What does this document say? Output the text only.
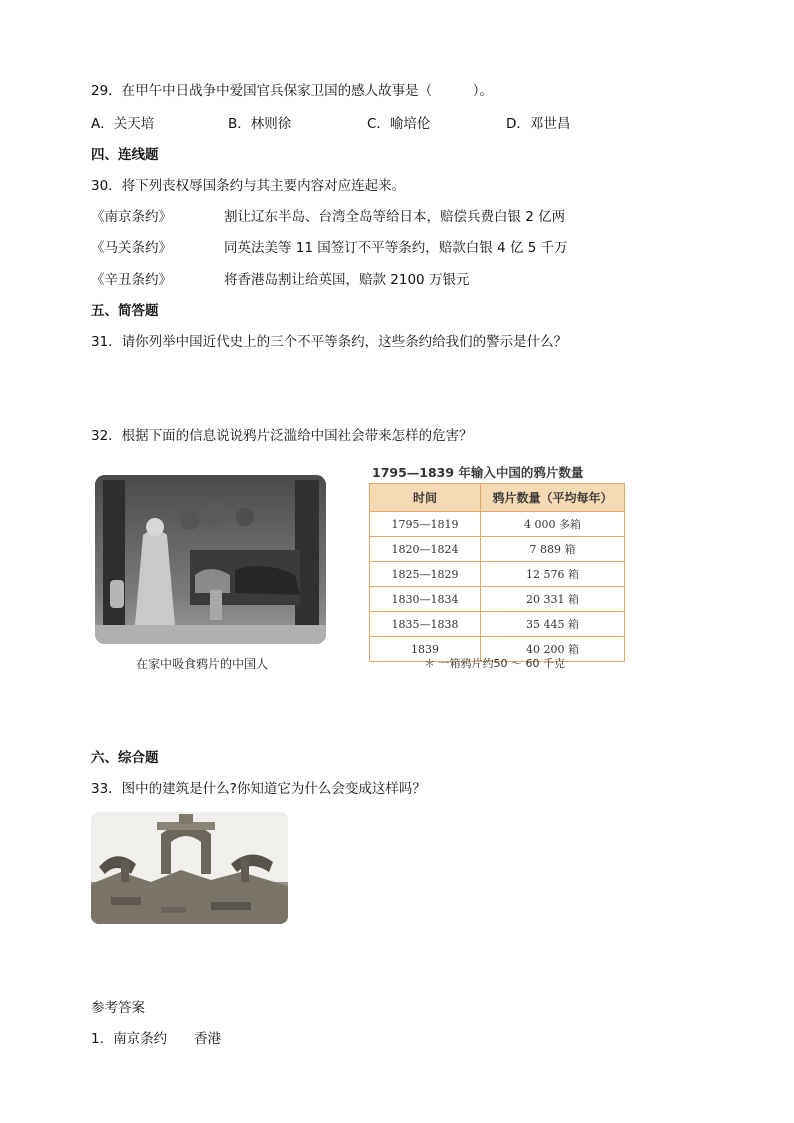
29．在甲午中日战争中爱国官兵保家卫国的感人故事是（　　　）。
A．关天培	B．林则徐	C．喻培伦	D．邓世昌
四、连线题
30．将下列丧权辱国条约与其主要内容对应连起来。
《南京条约》	割让辽东半岛、台湾全岛等给日本，赔偿兵费白银 2 亿两
《马关条约》	同英法美等 11 国签订不平等条约，赔款白银 4 亿 5 千万
《辛丑条约》	将香港岛割让给英国，赔款 2100 万银元
五、简答题
31．请你列举中国近代史上的三个不平等条约，这些条约给我们的警示是什么？
32．根据下面的信息说说鸦片泛滥给中国社会带来怎样的危害？
在家中吸食鸦片的中国人
1795—1839 年输入中国的鸦片数量
时间	鸦片数量（平均每年）
1795—1819	4 000 多箱
1820—1824	7 889 箱
1825—1829	12 576 箱
1830—1834	20 331 箱
1835—1838	35 445 箱
1839	40 200 箱
＊ 一箱鸦片约50 ～ 60 千克
六、综合题
33．图中的建筑是什么?你知道它为什么会变成这样吗？
参考答案
1．南京条约　　香港
